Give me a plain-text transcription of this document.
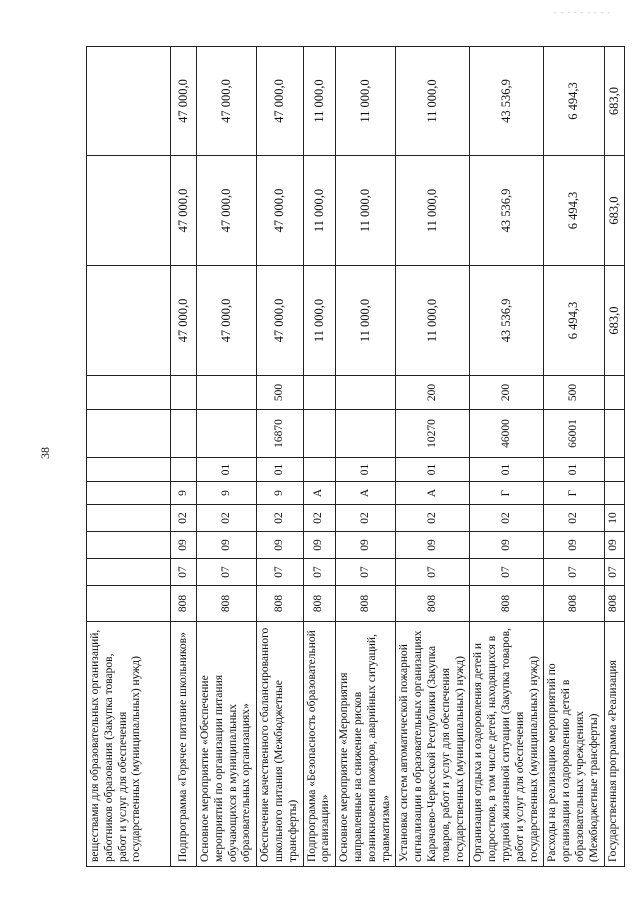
- - - - - - - - -
38
веществами для образовательных организаций, работников образования (Закупка товаров, работ и услуг для обеспечения государственных (муниципальных) нужд)											
Подпрограмма «Горячее питание школьников»	808	07	09	02	9				47 000,0	47 000,0	47 000,0
Основное мероприятие «Обеспечение мероприятий по организации питания обучающихся в муниципальных образовательных организациях»	808	07	09	02	9	01			47 000,0	47 000,0	47 000,0
Обеспечение качественного сбалансированного школьного питания (Межбюджетные трансферты)	808	07	09	02	9	01	16870	500	47 000,0	47 000,0	47 000,0
Подпрограмма «Безопасность образовательной организации»	808	07	09	02	А				11 000,0	11 000,0	11 000,0
Основное мероприятие «Мероприятия направленные на снижение рисков возникновения пожаров, аварийных ситуаций, травматизма»	808	07	09	02	А	01			11 000,0	11 000,0	11 000,0
Установка систем автоматической пожарной сигнализации в образовательных организациях Карачаево-Черкесской Республики (Закупка товаров, работ и услуг для обеспечения государственных (муниципальных) нужд)	808	07	09	02	А	01	10270	200	11 000,0	11 000,0	11 000,0
Организация отдыха и оздоровления детей и подростков, в том числе детей, находящихся в трудной жизненной ситуации (Закупка товаров, работ и услуг для обеспечения государственных (муниципальных) нужд)	808	07	09	02	Г	01	46000	200	43 536,9	43 536,9	43 536,9
Расходы на реализацию мероприятий по организации и оздоровлению детей в образовательных учреждениях (Межбюджетные трансферты)	808	07	09	02	Г	01	66001	500	6 494,3	6 494,3	6 494,3
Государственная программа «Реализация	808	07	09	10					683,0	683,0	683,0
